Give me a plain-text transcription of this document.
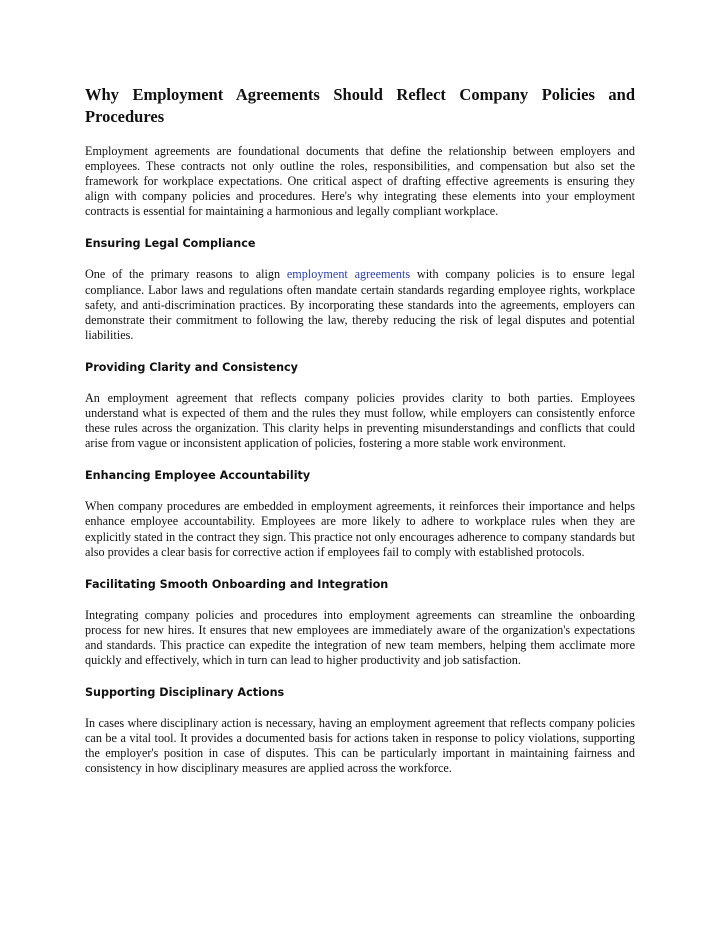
Why Employment Agreements Should Reflect Company Policies and Procedures

Employment agreements are foundational documents that define the relationship between employers and employees. These contracts not only outline the roles, responsibilities, and compensation but also set the framework for workplace expectations. One critical aspect of drafting effective agreements is ensuring they align with company policies and procedures. Here's why integrating these elements into your employment contracts is essential for maintaining a harmonious and legally compliant workplace.

Ensuring Legal Compliance

One of the primary reasons to align employment agreements with company policies is to ensure legal compliance. Labor laws and regulations often mandate certain standards regarding employee rights, workplace safety, and anti-discrimination practices. By incorporating these standards into the agreements, employers can demonstrate their commitment to following the law, thereby reducing the risk of legal disputes and potential liabilities.

Providing Clarity and Consistency

An employment agreement that reflects company policies provides clarity to both parties. Employees understand what is expected of them and the rules they must follow, while employers can consistently enforce these rules across the organization. This clarity helps in preventing misunderstandings and conflicts that could arise from vague or inconsistent application of policies, fostering a more stable work environment.

Enhancing Employee Accountability

When company procedures are embedded in employment agreements, it reinforces their importance and helps enhance employee accountability. Employees are more likely to adhere to workplace rules when they are explicitly stated in the contract they sign. This practice not only encourages adherence to company standards but also provides a clear basis for corrective action if employees fail to comply with established protocols.

Facilitating Smooth Onboarding and Integration

Integrating company policies and procedures into employment agreements can streamline the onboarding process for new hires. It ensures that new employees are immediately aware of the organization's expectations and standards. This practice can expedite the integration of new team members, helping them acclimate more quickly and effectively, which in turn can lead to higher productivity and job satisfaction.

Supporting Disciplinary Actions

In cases where disciplinary action is necessary, having an employment agreement that reflects company policies can be a vital tool. It provides a documented basis for actions taken in response to policy violations, supporting the employer's position in case of disputes. This can be particularly important in maintaining fairness and consistency in how disciplinary measures are applied across the workforce.
